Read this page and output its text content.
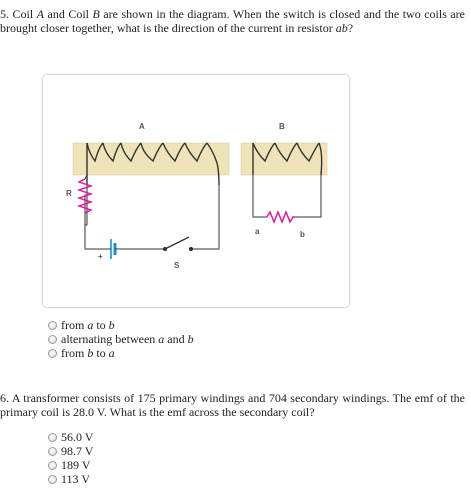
5. Coil A and Coil B are shown in the diagram. When the switch is closed and the two coils are brought closer together, what is the direction of the current in resistor ab?
A	B
R
S
a	b
+
from a to b
alternating between a and b
from b to a
6. A transformer consists of 175 primary windings and 704 secondary windings. The emf of the primary coil is 28.0 V. What is the emf across the secondary coil?
56.0 V
98.7 V
189 V
113 V
